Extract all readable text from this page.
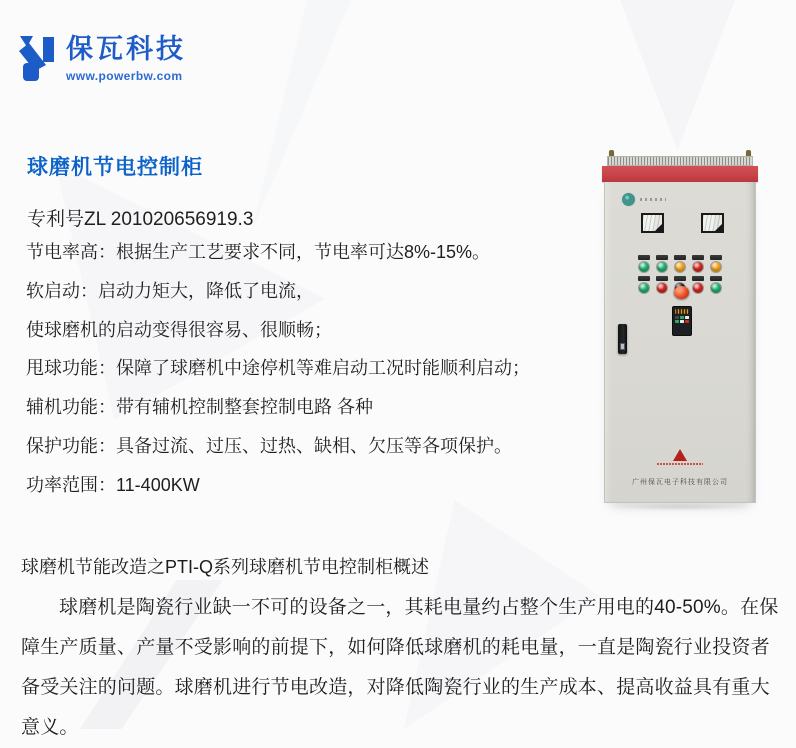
保瓦科技
www.powerbw.com
球磨机节电控制柜
专利号ZL 201020656919.3
节电率高：根据生产工艺要求不同，节电率可达8%-15%。
软启动：启动力矩大，降低了电流，
使球磨机的启动变得很容易、很顺畅；
甩球功能：保障了球磨机中途停机等难启动工况时能顺利启动；
辅机功能：带有辅机控制整套控制电路 各种
保护功能：具备过流、过压、过热、缺相、欠压等各项保护。
功率范围：11-400KW
球磨机节能改造之PTI-Q系列球磨机节电控制柜概述
球磨机是陶瓷行业缺一不可的设备之一，其耗电量约占整个生产用电的40-50%。在保障生产质量、产量不受影响的前提下，如何降低球磨机的耗电量，一直是陶瓷行业投资者备受关注的问题。球磨机进行节电改造，对降低陶瓷行业的生产成本、提高收益具有重大意义。
广州保瓦电子科技有限公司
